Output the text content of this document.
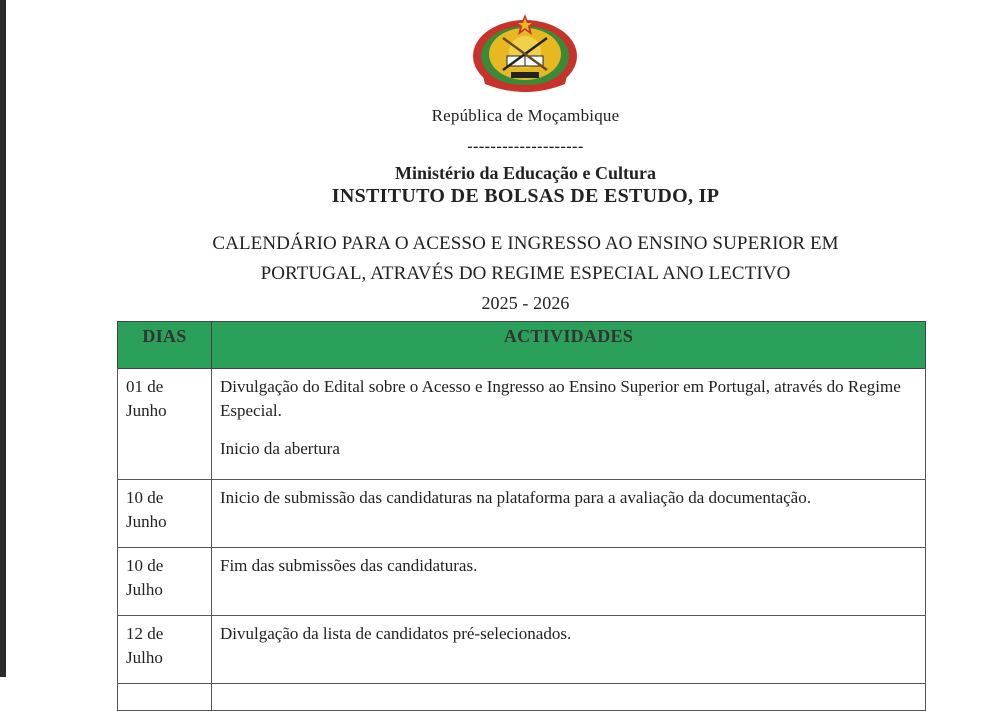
República de Moçambique
--------------------
Ministério da Educação e Cultura
INSTITUTO DE BOLSAS DE ESTUDO, IP
CALENDÁRIO PARA O ACESSO E INGRESSO AO ENSINO SUPERIOR EM
PORTUGAL, ATRAVÉS DO REGIME ESPECIAL ANO LECTIVO
2025 - 2026
DIAS	ACTIVIDADES

01 de
Junho	Divulgação do Edital sobre o Acesso e Ingresso ao Ensino Superior em Portugal, através do Regime Especial.
Inicio da abertura

10 de
Junho	Inicio de submissão das candidaturas na plataforma para a avaliação da documentação.

10 de
Julho	Fim das submissões das candidaturas.

12 de
Julho	Divulgação da lista de candidatos pré-selecionados.
